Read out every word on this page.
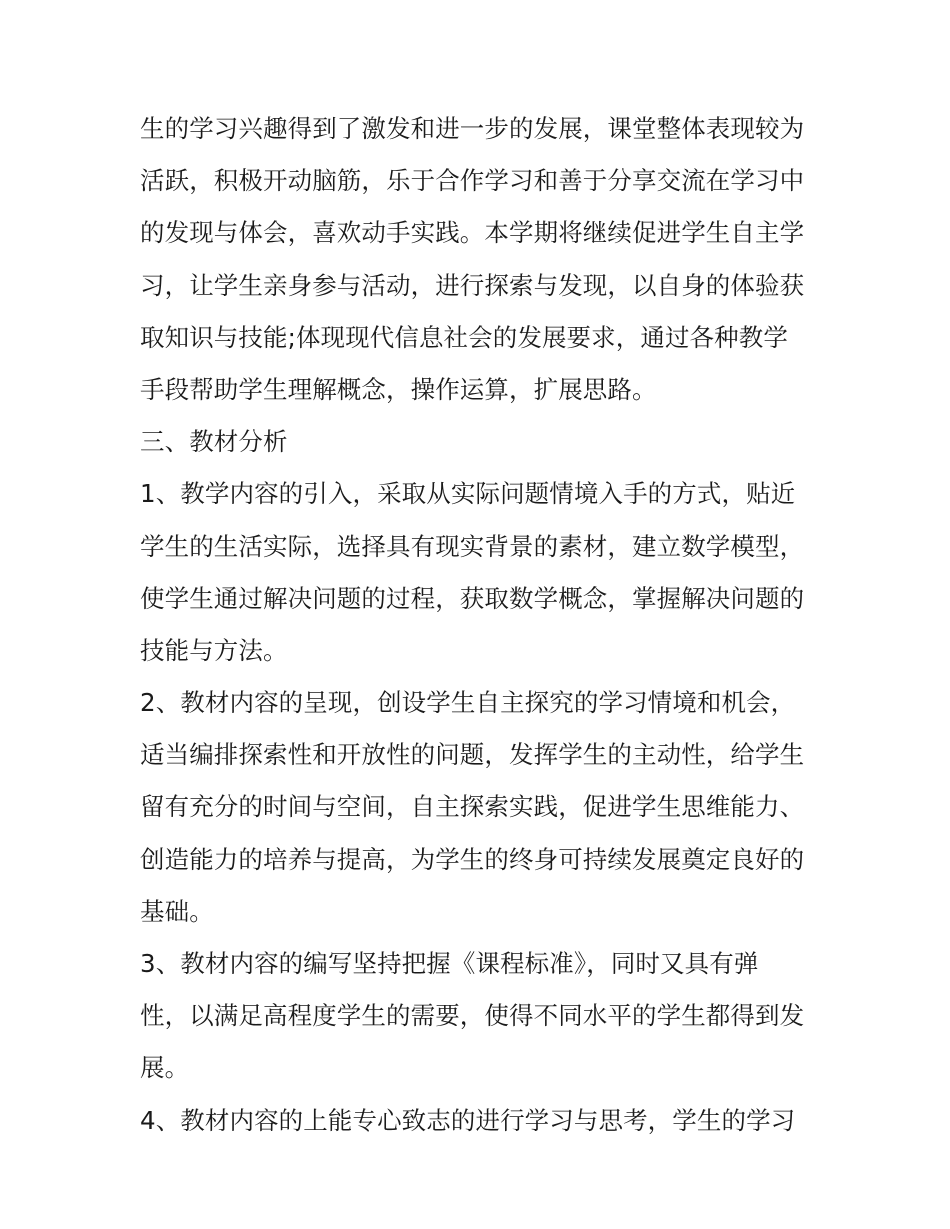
生的学习兴趣得到了激发和进一步的发展，课堂整体表现较为
活跃，积极开动脑筋，乐于合作学习和善于分享交流在学习中
的发现与体会，喜欢动手实践。本学期将继续促进学生自主学
习，让学生亲身参与活动，进行探索与发现，以自身的体验获
取知识与技能;体现现代信息社会的发展要求，通过各种教学
手段帮助学生理解概念，操作运算，扩展思路。
三、教材分析
1、教学内容的引入，采取从实际问题情境入手的方式，贴近
学生的生活实际，选择具有现实背景的素材，建立数学模型，
使学生通过解决问题的过程，获取数学概念，掌握解决问题的
技能与方法。
2、教材内容的呈现，创设学生自主探究的学习情境和机会，
适当编排探索性和开放性的问题，发挥学生的主动性，给学生
留有充分的时间与空间，自主探索实践，促进学生思维能力、
创造能力的培养与提高，为学生的终身可持续发展奠定良好的
基础。
3、教材内容的编写坚持把握《课程标准》，同时又具有弹
性，以满足高程度学生的需要，使得不同水平的学生都得到发
展。
4、教材内容的上能专心致志的进行学习与思考，学生的学习
